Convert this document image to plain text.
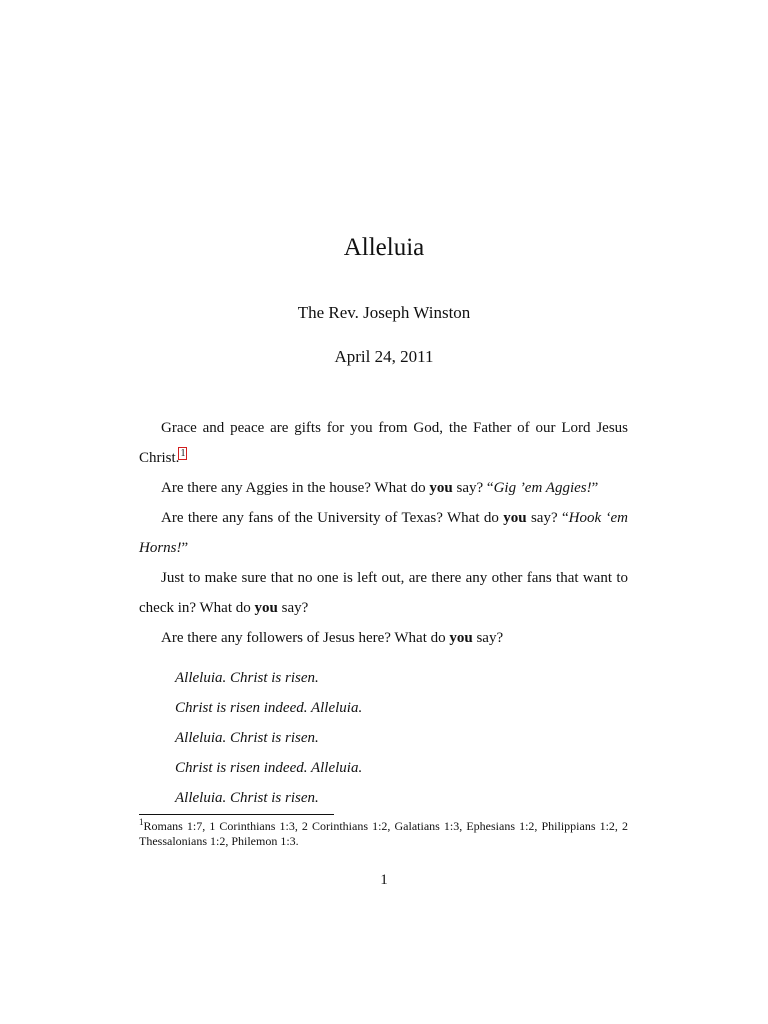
Alleluia
The Rev. Joseph Winston
April 24, 2011

Grace and peace are gifts for you from God, the Father of our Lord Jesus Christ.$^1$

Are there any Aggies in the house? What do you say? “Gig ’em Aggies!”

Are there any fans of the University of Texas? What do you say? “Hook ‘em Horns!”

Just to make sure that no one is left out, are there any other fans that want to check in? What do you say?

Are there any followers of Jesus here? What do you say?

Alleluia. Christ is risen.
Christ is risen indeed. Alleluia.
Alleluia. Christ is risen.
Christ is risen indeed. Alleluia.
Alleluia. Christ is risen.
$^1$Romans 1:7, 1 Corinthians 1:3, 2 Corinthians 1:2, Galatians 1:3, Ephesians 1:2, Philippians 1:2, 2 Thessalonians 1:2, Philemon 1:3.
1
